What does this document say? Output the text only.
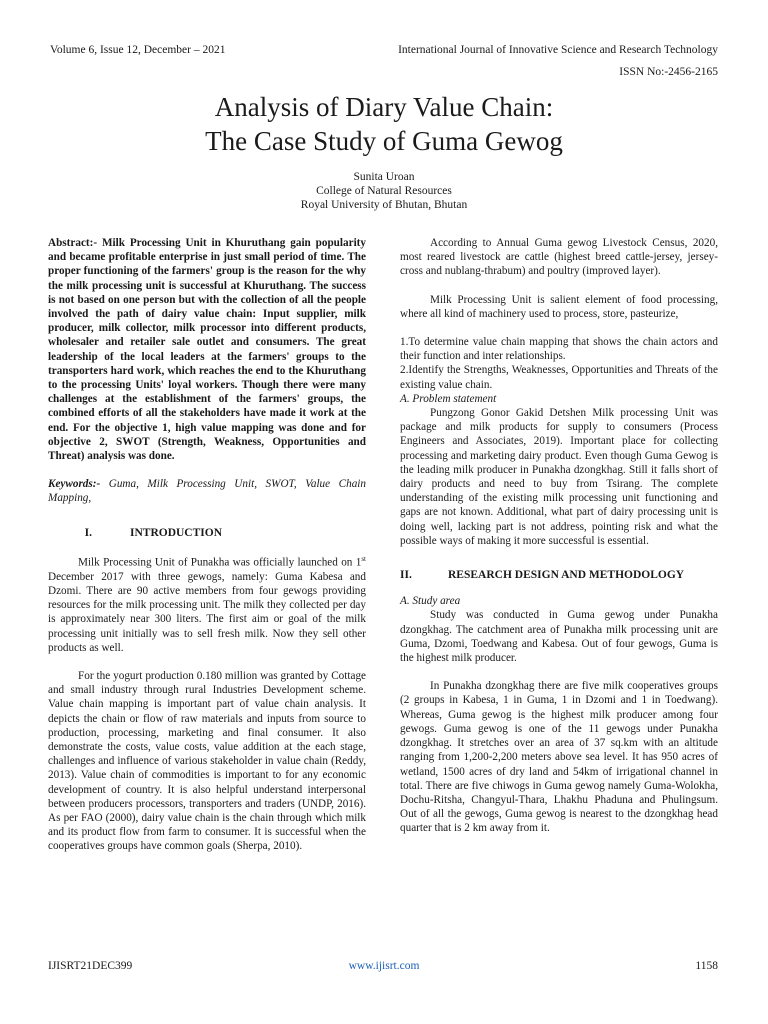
Volume 6, Issue 12, December – 2021	International Journal of Innovative Science and Research Technology
ISSN No:-2456-2165
Analysis of Diary Value Chain:
The Case Study of Guma Gewog
Sunita Uroan
College of Natural Resources
Royal University of Bhutan, Bhutan

Abstract:- Milk Processing Unit in Khuruthang gain popularity and became profitable enterprise in just small period of time. The proper functioning of the farmers' group is the reason for the why the milk processing unit is successful at Khuruthang. The success is not based on one person but with the collection of all the people involved the path of dairy value chain: Input supplier, milk producer, milk collector, milk processor into different products, wholesaler and retailer sale outlet and consumers. The great leadership of the local leaders at the farmers' groups to the transporters hard work, which reaches the end to the Khuruthang to the processing Units' loyal workers. Though there were many challenges at the establishment of the farmers' groups, the combined efforts of all the stakeholders have made it work at the end. For the objective 1, high value mapping was done and for objective 2, SWOT (Strength, Weakness, Opportunities and Threat) analysis was done.

Keywords:- Guma, Milk Processing Unit, SWOT, Value Chain Mapping,

I.	INTRODUCTION

Milk Processing Unit of Punakha was officially launched on 1st December 2017 with three gewogs, namely: Guma Kabesa and Dzomi. There are 90 active members from four gewogs providing resources for the milk processing unit. The milk they collected per day is approximately near 300 liters. The first aim or goal of the milk processing unit initially was to sell fresh milk. Now they sell other products as well.

For the yogurt production 0.180 million was granted by Cottage and small industry through rural Industries Development scheme. Value chain mapping is important part of value chain analysis. It depicts the chain or flow of raw materials and inputs from source to production, processing, marketing and final consumer. It also demonstrate the costs, value costs, value addition at the each stage, challenges and influence of various stakeholder in value chain (Reddy, 2013). Value chain of commodities is important to for any economic development of country. It is also helpful understand interpersonal between producers processors, transporters and traders (UNDP, 2016). As per FAO (2000), dairy value chain is the chain through which milk and its product flow from farm to consumer. It is successful when the cooperatives groups have common goals (Sherpa, 2010).

According to Annual Guma gewog Livestock Census, 2020, most reared livestock are cattle (highest breed cattle-jersey, jersey-cross and nublang-thrabum) and poultry (improved layer).

Milk Processing Unit is salient element of food processing, where all kind of machinery used to process, store, pasteurize,

1.To determine value chain mapping that shows the chain actors and their function and inter relationships.

2.Identify the Strengths, Weaknesses, Opportunities and Threats of the existing value chain.

A. Problem statement

Pungzong Gonor Gakid Detshen Milk processing Unit was package and milk products for supply to consumers (Process Engineers and Associates, 2019). Important place for collecting processing and marketing dairy product. Even though Guma Gewog is the leading milk producer in Punakha dzongkhag. Still it falls short of dairy products and need to buy from Tsirang. The complete understanding of the existing milk processing unit functioning and gaps are not known. Additional, what part of dairy processing unit is doing well, lacking part is not address, pointing risk and what the possible ways of making it more successful is essential.

II.	RESEARCH DESIGN AND METHODOLOGY

A. Study area

Study was conducted in Guma gewog under Punakha dzongkhag. The catchment area of Punakha milk processing unit are Guma, Dzomi, Toedwang and Kabesa. Out of four gewogs, Guma is the highest milk producer.

In Punakha dzongkhag there are five milk cooperatives groups (2 groups in Kabesa, 1 in Guma, 1 in Dzomi and 1 in Toedwang). Whereas, Guma gewog is the highest milk producer among four gewogs. Guma gewog is one of the 11 gewogs under Punakha dzongkhag. It stretches over an area of 37 sq.km with an altitude ranging from 1,200-2,200 meters above sea level. It has 950 acres of wetland, 1500 acres of dry land and 54km of irrigational channel in total. There are five chiwogs in Guma gewog namely Guma-Wolokha, Dochu-Ritsha, Changyul-Thara, Lhakhu Phaduna and Phulingsum. Out of all the gewogs, Guma gewog is nearest to the dzongkhag head quarter that is 2 km away from it.

IJISRT21DEC399	www.ijisrt.com	1158
